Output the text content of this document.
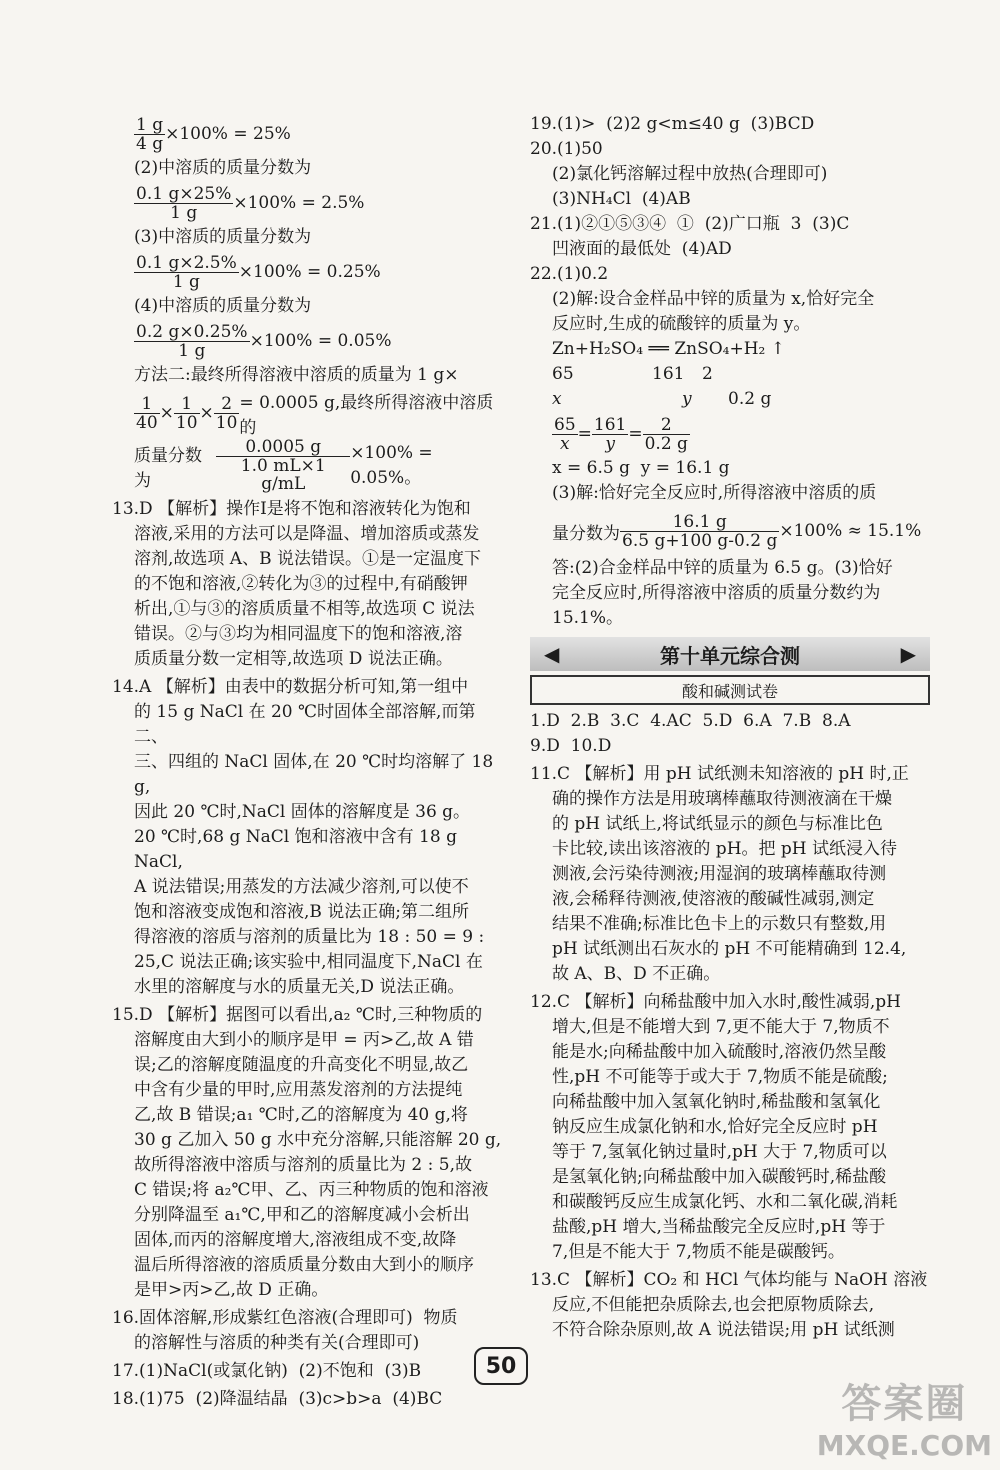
$\frac{1 g}{4 g} \times 100\% = 25\%$
(2)中溶质的质量分数为
$\frac{0.1 g\times 25\%}{1 g} \times 100\% = 2.5\%$
(3)中溶质的质量分数为
$\frac{0.1 g\times 2.5\%}{1 g} \times 100\% = 0.25\%$
(4)中溶质的质量分数为
$\frac{0.2 g\times 0.25\%}{1 g} \times 100\% = 0.05\%$
方法二:最终所得溶液中溶质的质量为 1 g×
$\frac{1}{40} \times \frac{1}{10} \times \frac{2}{10} = 0.0005$ g,最终所得溶液中溶质的
质量分数为	$\frac{0.0005 g}{1.0 mL\times 1 g/mL} \times 100\% = 0.05\%$。
13.D 【解析】操作Ⅰ是将不饱和溶液转化为饱和
溶液,采用的方法可以是降温、增加溶质或蒸发
溶剂,故选项 A、B 说法错误。①是一定温度下
的不饱和溶液,②转化为③的过程中,有硝酸钾
析出,①与③的溶质质量不相等,故选项 C 说法
错误。②与③均为相同温度下的饱和溶液,溶
质质量分数一定相等,故选项 D 说法正确。
14.A 【解析】由表中的数据分析可知,第一组中
的 15 g NaCl 在 20 ℃时固体全部溶解,而第二、
三、四组的 NaCl 固体,在 20 ℃时均溶解了 18 g,
因此 20 ℃时,NaCl 固体的溶解度是 36 g。
20 ℃时,68 g NaCl 饱和溶液中含有 18 g NaCl,
A 说法错误;用蒸发的方法减少溶剂,可以使不
饱和溶液变成饱和溶液,B 说法正确;第二组所
得溶液的溶质与溶剂的质量比为 18 : 50 = 9 :
25,C 说法正确;该实验中,相同温度下,NaCl 在
水里的溶解度与水的质量无关,D 说法正确。
15.D 【解析】据图可以看出,a₂ ℃时,三种物质的
溶解度由大到小的顺序是甲 = 丙>乙,故 A 错
误;乙的溶解度随温度的升高变化不明显,故乙
中含有少量的甲时,应用蒸发溶剂的方法提纯
乙,故 B 错误;a₁ ℃时,乙的溶解度为 40 g,将
30 g 乙加入 50 g 水中充分溶解,只能溶解 20 g,
故所得溶液中溶质与溶剂的质量比为 2 : 5,故
C 错误;将 a₂℃甲、乙、丙三种物质的饱和溶液
分别降温至 a₁℃,甲和乙的溶解度减小会析出
固体,而丙的溶解度增大,溶液组成不变,故降
温后所得溶液的溶质质量分数由大到小的顺序
是甲>丙>乙,故 D 正确。
16.固体溶解,形成紫红色溶液(合理即可)  物质
的溶解性与溶质的种类有关(合理即可)
17.(1)NaCl(或氯化钠)  (2)不饱和  (3)B
18.(1)75  (2)降温结晶  (3)c>b>a  (4)BC
19.(1)>  (2)2 g<m≤40 g  (3)BCD
20.(1)50
(2)氯化钙溶解过程中放热(合理即可)
(3)NH₄Cl  (4)AB
21.(1)②①⑤③④  ①  (2)广口瓶  3  (3)C
凹液面的最低处  (4)AD
22.(1)0.2
(2)解:设合金样品中锌的质量为 x,恰好完全
反应时,生成的硫酸锌的质量为 y。
Zn+H₂SO₄ ══ ZnSO₄+H₂ ↑
65	161	2
x	y	0.2 g
$\frac{65}{x} = \frac{161}{y} = \frac{2}{0.2 g}$
x = 6.5 g  y = 16.1 g
(3)解:恰好完全反应时,所得溶液中溶质的质
量分数为 $\frac{16.1 g}{6.5 g+100 g-0.2 g} \times 100\% \approx 15.1\%$
答:(2)合金样品中锌的质量为 6.5 g。(3)恰好
完全反应时,所得溶液中溶质的质量分数约为
15.1%。
◀	第十单元综合测	▶
酸和碱测试卷
1.D  2.B  3.C  4.AC  5.D  6.A  7.B  8.A
9.D  10.D
11.C 【解析】用 pH 试纸测未知溶液的 pH 时,正
确的操作方法是用玻璃棒蘸取待测液滴在干燥
的 pH 试纸上,将试纸显示的颜色与标准比色
卡比较,读出该溶液的 pH。把 pH 试纸浸入待
测液,会污染待测液;用湿润的玻璃棒蘸取待测
液,会稀释待测液,使溶液的酸碱性减弱,测定
结果不准确;标准比色卡上的示数只有整数,用
pH 试纸测出石灰水的 pH 不可能精确到 12.4,
故 A、B、D 不正确。
12.C 【解析】向稀盐酸中加入水时,酸性减弱,pH
增大,但是不能增大到 7,更不能大于 7,物质不
能是水;向稀盐酸中加入硫酸时,溶液仍然呈酸
性,pH 不可能等于或大于 7,物质不能是硫酸;
向稀盐酸中加入氢氧化钠时,稀盐酸和氢氧化
钠反应生成氯化钠和水,恰好完全反应时 pH
等于 7,氢氧化钠过量时,pH 大于 7,物质可以
是氢氧化钠;向稀盐酸中加入碳酸钙时,稀盐酸
和碳酸钙反应生成氯化钙、水和二氧化碳,消耗
盐酸,pH 增大,当稀盐酸完全反应时,pH 等于
7,但是不能大于 7,物质不能是碳酸钙。
13.C 【解析】CO₂ 和 HCl 气体均能与 NaOH 溶液
反应,不但能把杂质除去,也会把原物质除去,
不符合除杂原则,故 A 说法错误;用 pH 试纸测
50
答案圈
MXQE.COM
